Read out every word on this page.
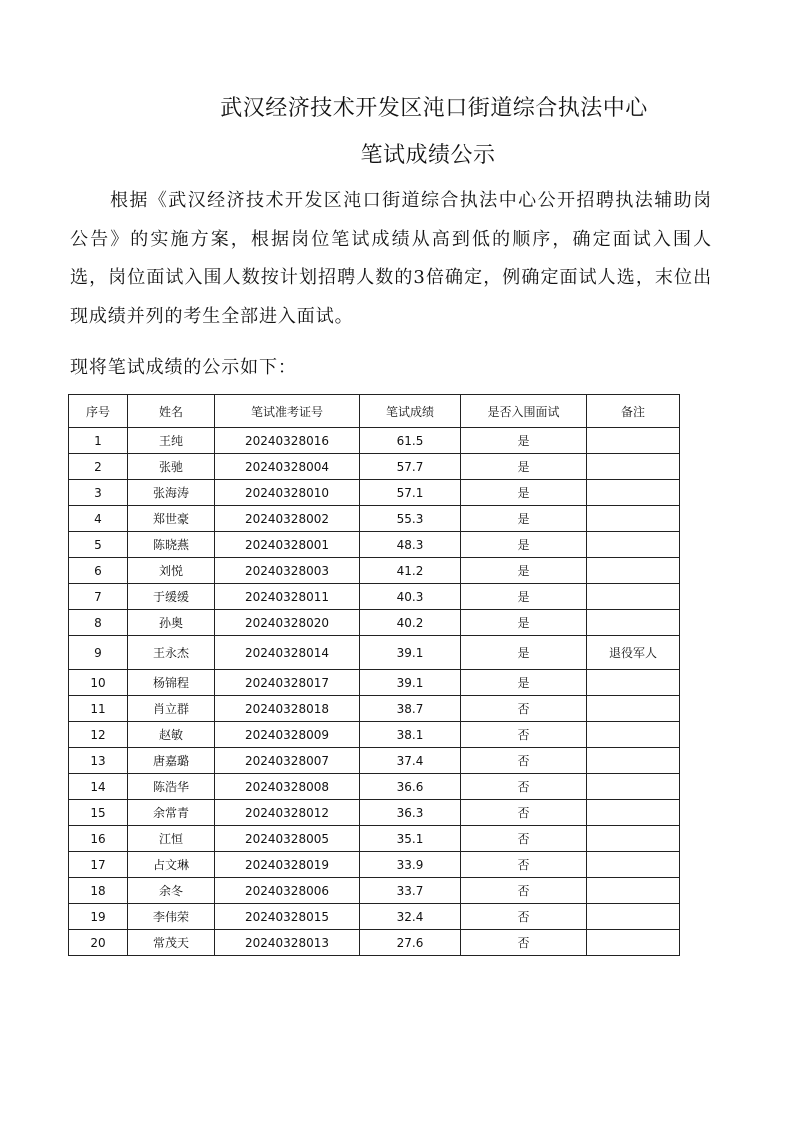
武汉经济技术开发区沌口街道综合执法中心
笔试成绩公示

根据《武汉经济技术开发区沌口街道综合执法中心公开招聘执法辅助岗公告》的实施方案，根据岗位笔试成绩从高到低的顺序，确定面试入围人选，岗位面试入围人数按计划招聘人数的3倍确定，例确定面试人选，末位出现成绩并列的考生全部进入面试。

现将笔试成绩的公示如下：
序号	姓名	笔试准考证号	笔试成绩	是否入围面试	备注
1	王纯	20240328016	61.5	是	
2	张驰	20240328004	57.7	是	
3	张海涛	20240328010	57.1	是	
4	郑世豪	20240328002	55.3	是	
5	陈晓燕	20240328001	48.3	是	
6	刘悦	20240328003	41.2	是	
7	于缓缓	20240328011	40.3	是	
8	孙奥	20240328020	40.2	是	
9	王永杰	20240328014	39.1	是	退役军人
10	杨锦程	20240328017	39.1	是	
11	肖立群	20240328018	38.7	否	
12	赵敏	20240328009	38.1	否	
13	唐嘉璐	20240328007	37.4	否	
14	陈浩华	20240328008	36.6	否	
15	余常青	20240328012	36.3	否	
16	江恒	20240328005	35.1	否	
17	占文琳	20240328019	33.9	否	
18	余冬	20240328006	33.7	否	
19	李伟荣	20240328015	32.4	否	
20	常茂天	20240328013	27.6	否	
